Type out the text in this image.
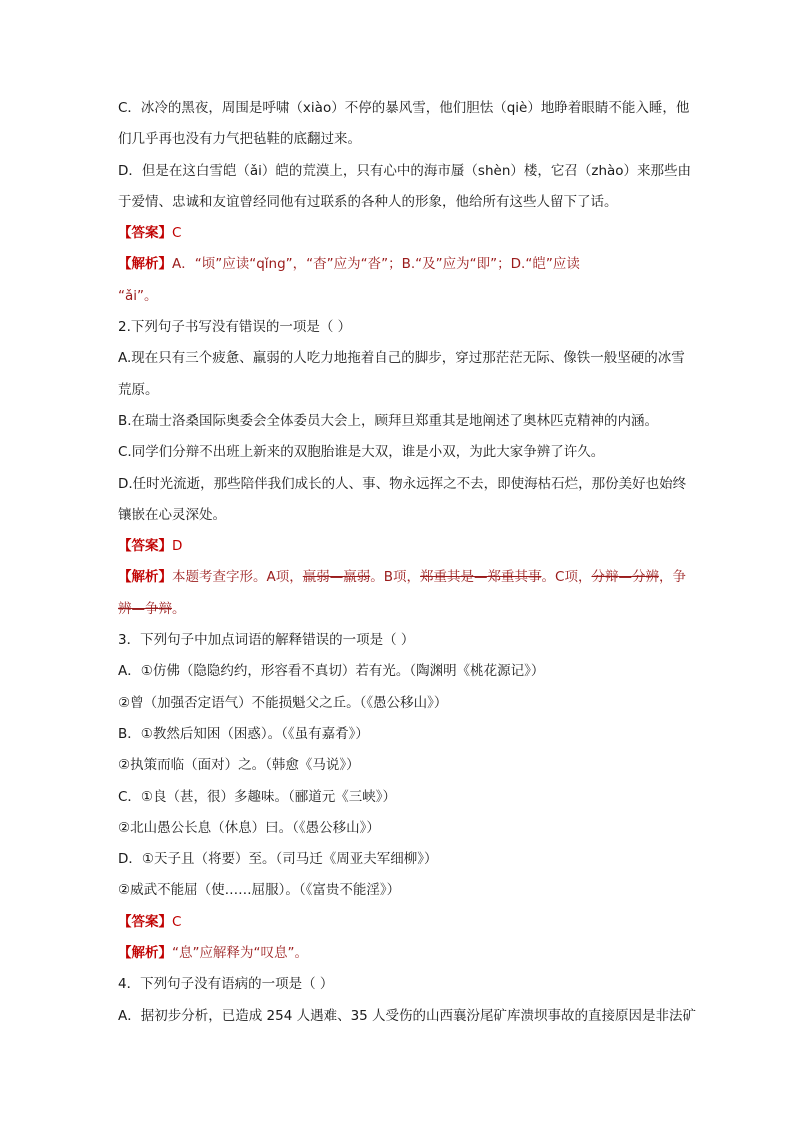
C．冰冷的黑夜，周围是呼啸（xiào）不停的暴风雪，他们胆怯（qiè）地睁着眼睛不能入睡，他
们几乎再也没有力气把毡鞋的底翻过来。
D．但是在这白雪皑（ǎi）皑的荒漠上，只有心中的海市蜃（shèn）楼，它召（zhào）来那些由
于爱情、忠诚和友谊曾经同他有过联系的各种人的形象，他给所有这些人留下了话。
【答案】C
【解析】A．“顷”应读“qǐng”，“杳”应为“沓”；B.“及”应为“即”；D.“皑”应读
“ǎi”。
2.下列句子书写没有错误的一项是（ ）
A.现在只有三个疲惫、羸弱的人吃力地拖着自己的脚步，穿过那茫茫无际、像铁一般坚硬的冰雪
荒原。
B.在瑞士洛桑国际奥委会全体委员大会上，顾拜旦郑重其是地阐述了奥林匹克精神的内涵。
C.同学们分辩不出班上新来的双胞胎谁是大双，谁是小双，为此大家争辨了许久。
D.任时光流逝，那些陪伴我们成长的人、事、物永远挥之不去，即使海枯石烂，那份美好也始终
镶嵌在心灵深处。
【答案】D
【解析】本题考查字形。A项，羸弱—羸弱。B项，郑重其是—郑重其事。C项，分辩—分辨，争
辨—争辩。
3．下列句子中加点词语的解释错误的一项是（ ）
A．①仿佛（隐隐约约，形容看不真切）若有光。（陶渊明《桃花源记》）
②曾（加强否定语气）不能损魁父之丘。（《愚公移山》）
B．①教然后知困（困惑）。（《虽有嘉肴》）
②执策而临（面对）之。（韩愈《马说》）
C．①良（甚，很）多趣味。（郦道元《三峡》）
②北山愚公长息（休息）曰。（《愚公移山》）
D．①天子且（将要）至。（司马迁《周亚夫军细柳》）
②威武不能屈（使……屈服）。（《富贵不能淫》）
【答案】C
【解析】“息”应解释为“叹息”。
4．下列句子没有语病的一项是（ ）
A．据初步分析，已造成 254 人遇难、35 人受伤的山西襄汾尾矿库溃坝事故的直接原因是非法矿
